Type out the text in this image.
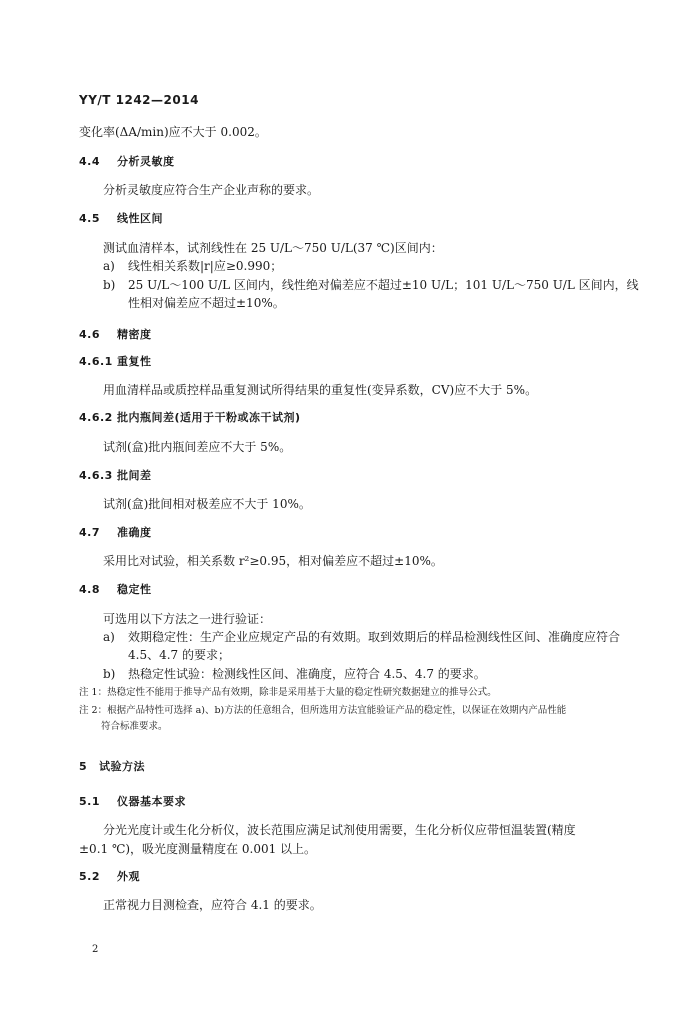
YY/T 1242—2014
变化率(ΔA/min)应不大于 0.002。
4.4 分析灵敏度
分析灵敏度应符合生产企业声称的要求。
4.5 线性区间
测试血清样本，试剂线性在 25 U/L～750 U/L(37 ℃)区间内：
a) 线性相关系数|r|应≥0.990；
b) 25 U/L～100 U/L 区间内，线性绝对偏差应不超过±10 U/L；101 U/L～750 U/L 区间内，线
性相对偏差应不超过±10%。
4.6 精密度
4.6.1 重复性
用血清样品或质控样品重复测试所得结果的重复性(变异系数，CV)应不大于 5%。
4.6.2 批内瓶间差(适用于干粉或冻干试剂)
试剂(盒)批内瓶间差应不大于 5%。
4.6.3 批间差
试剂(盒)批间相对极差应不大于 10%。
4.7 准确度
采用比对试验，相关系数 r²≥0.95，相对偏差应不超过±10%。
4.8 稳定性
可选用以下方法之一进行验证：
a) 效期稳定性：生产企业应规定产品的有效期。取到效期后的样品检测线性区间、准确度应符合
4.5、4.7 的要求；
b) 热稳定性试验：检测线性区间、准确度，应符合 4.5、4.7 的要求。
注 1：热稳定性不能用于推导产品有效期，除非是采用基于大量的稳定性研究数据建立的推导公式。
注 2：根据产品特性可选择 a)、b)方法的任意组合，但所选用方法宜能验证产品的稳定性，以保证在效期内产品性能
符合标准要求。
5 试验方法
5.1 仪器基本要求
分光光度计或生化分析仪，波长范围应满足试剂使用需要，生化分析仪应带恒温装置(精度
±0.1 ℃)，吸光度测量精度在 0.001 以上。
5.2 外观
正常视力目测检查，应符合 4.1 的要求。
2
